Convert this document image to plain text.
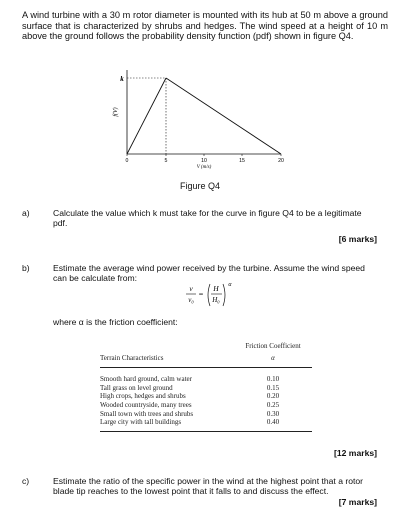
A wind turbine with a 30 m rotor diameter is mounted with its hub at 50 m above a ground surface that is characterized by shrubs and hedges. The wind speed at a height of 10 m above the ground follows the probability density function (pdf) shown in figure Q4.
f(V)
k
0	5	10	15	20
V (m/s)
Figure Q4
a)	Calculate the value which k must take for the curve in figure Q4 to be a legitimate pdf.
[6 marks]
b)	Estimate the average wind power received by the turbine. Assume the wind speed can be calculate from:
v
v₀
=
H
H₀
α
where α is the friction coefficient:
	Friction Coefficient
Terrain Characteristics	α

Smooth hard ground, calm water	0.10
Tall grass on level ground	0.15
High crops, hedges and shrubs	0.20
Wooded countryside, many trees	0.25
Small town with trees and shrubs	0.30
Large city with tall buildings	0.40
[12 marks]
c)	Estimate the ratio of the specific power in the wind at the highest point that a rotor blade tip reaches to the lowest point that it falls to and discuss the effect.
[7 marks]
